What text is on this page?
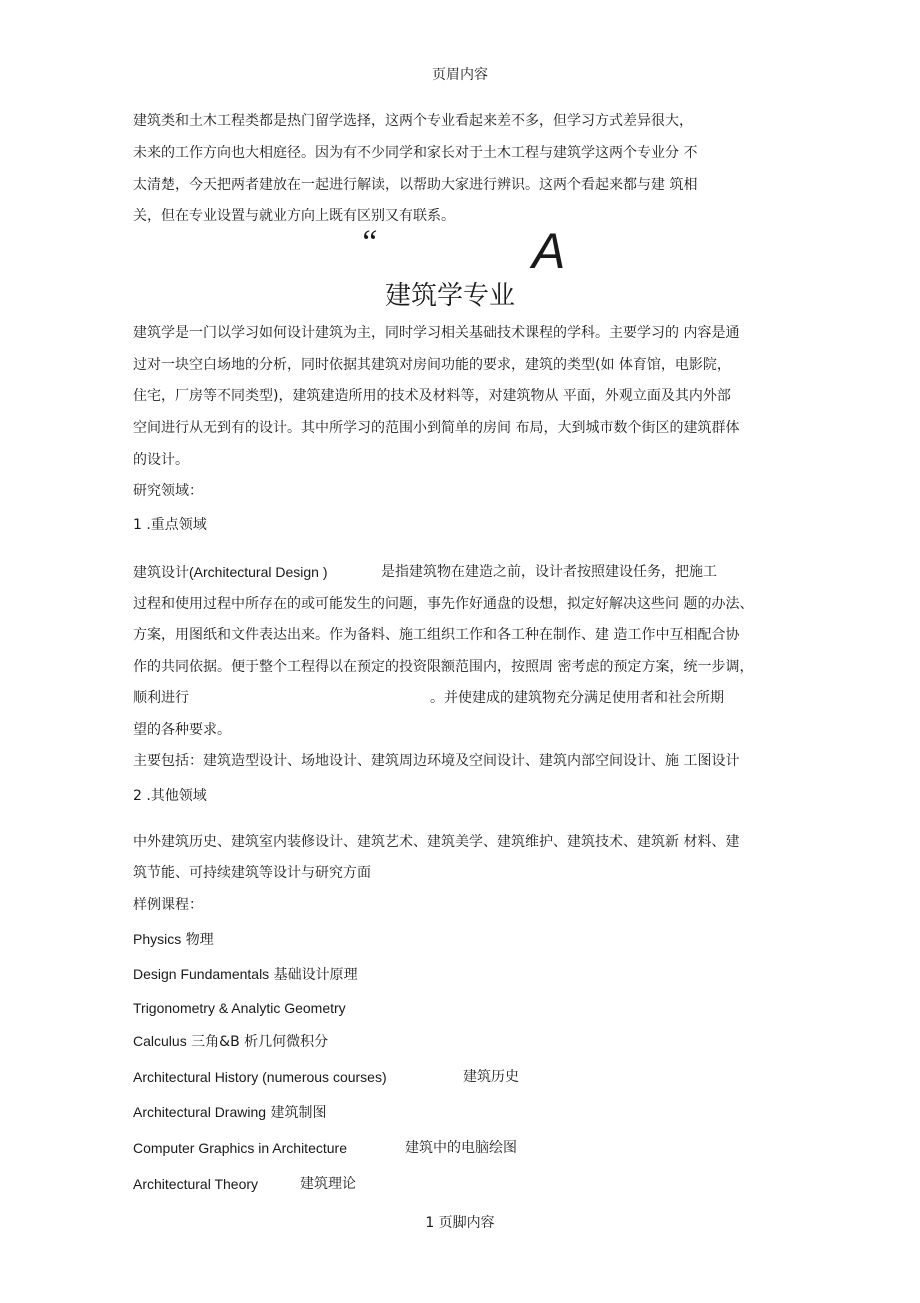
页眉内容
建筑类和土木工程类都是热门留学选择，这两个专业看起来差不多，但学习方式差异很大，
未来的工作方向也大相庭径。因为有不少同学和家长对于土木工程与建筑学这两个专业分 不
太清楚，今天把两者建放在一起进行解读，以帮助大家进行辨识。这两个看起来都与建 筑相
关，但在专业设置与就业方向上既有区别又有联系。
“	A
建筑学专业
建筑学是一门以学习如何设计建筑为主，同时学习相关基础技术课程的学科。主要学习的 内容是通
过对一块空白场地的分析，同时依据其建筑对房间功能的要求，建筑的类型(如 体育馆，电影院，
住宅，厂房等不同类型)，建筑建造所用的技术及材料等，对建筑物从 平面，外观立面及其内外部
空间进行从无到有的设计。其中所学习的范围小到简单的房间 布局，大到城市数个街区的建筑群体
的设计。
研究领域：
1 .重点领域
建筑设计(Architectural Design )	是指建筑物在建造之前，设计者按照建设任务，把施工
过程和使用过程中所存在的或可能发生的问题，事先作好通盘的设想，拟定好解决这些问 题的办法、
方案，用图纸和文件表达出来。作为备料、施工组织工作和各工种在制作、建 造工作中互相配合协
作的共同依据。便于整个工程得以在预定的投资限额范围内，按照周 密考虑的预定方案，统一步调，
顺利进行	。并使建成的建筑物充分满足使用者和社会所期
望的各种要求。
主要包括：建筑造型设计、场地设计、建筑周边环境及空间设计、建筑内部空间设计、施 工图设计
2 .其他领域
中外建筑历史、建筑室内装修设计、建筑艺术、建筑美学、建筑维护、建筑技术、建筑新 材料、建
筑节能、可持续建筑等设计与研究方面
样例课程：
Physics 物理
Design Fundamentals 基础设计原理
Trigonometry & Analytic Geometry
Calculus 三角&B 析几何微积分
Architectural History (numerous courses)	建筑历史
Architectural Drawing 建筑制图
Computer Graphics in Architecture	建筑中的电脑绘图
Architectural Theory	建筑理论
1 页脚内容
